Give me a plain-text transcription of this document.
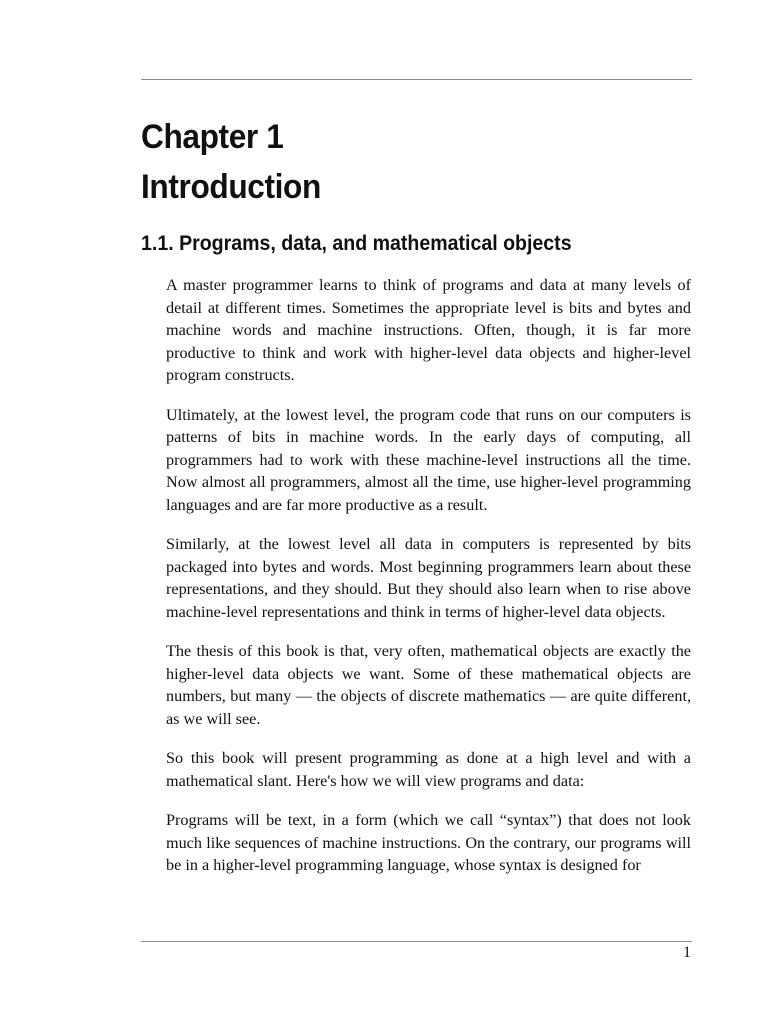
Chapter 1
Introduction
1.1. Programs, data, and mathematical objects

A master programmer learns to think of programs and data at many levels of detail at different times. Sometimes the appropriate level is bits and bytes and machine words and machine instructions. Often, though, it is far more productive to think and work with higher-level data objects and higher-level program constructs.

Ultimately, at the lowest level, the program code that runs on our computers is patterns of bits in machine words. In the early days of computing, all programmers had to work with these machine-level instructions all the time. Now almost all programmers, almost all the time, use higher-level programming languages and are far more productive as a result.

Similarly, at the lowest level all data in computers is represented by bits packaged into bytes and words. Most beginning programmers learn about these representations, and they should. But they should also learn when to rise above machine-level representations and think in terms of higher-level data objects.

The thesis of this book is that, very often, mathematical objects are exactly the higher-level data objects we want. Some of these mathematical objects are numbers, but many — the objects of discrete mathematics — are quite different, as we will see.

So this book will present programming as done at a high level and with a mathematical slant. Here's how we will view programs and data:

Programs will be text, in a form (which we call “syntax”) that does not look much like sequences of machine instructions. On the contrary, our programs will be in a higher-level programming language, whose syntax is designed for

1
